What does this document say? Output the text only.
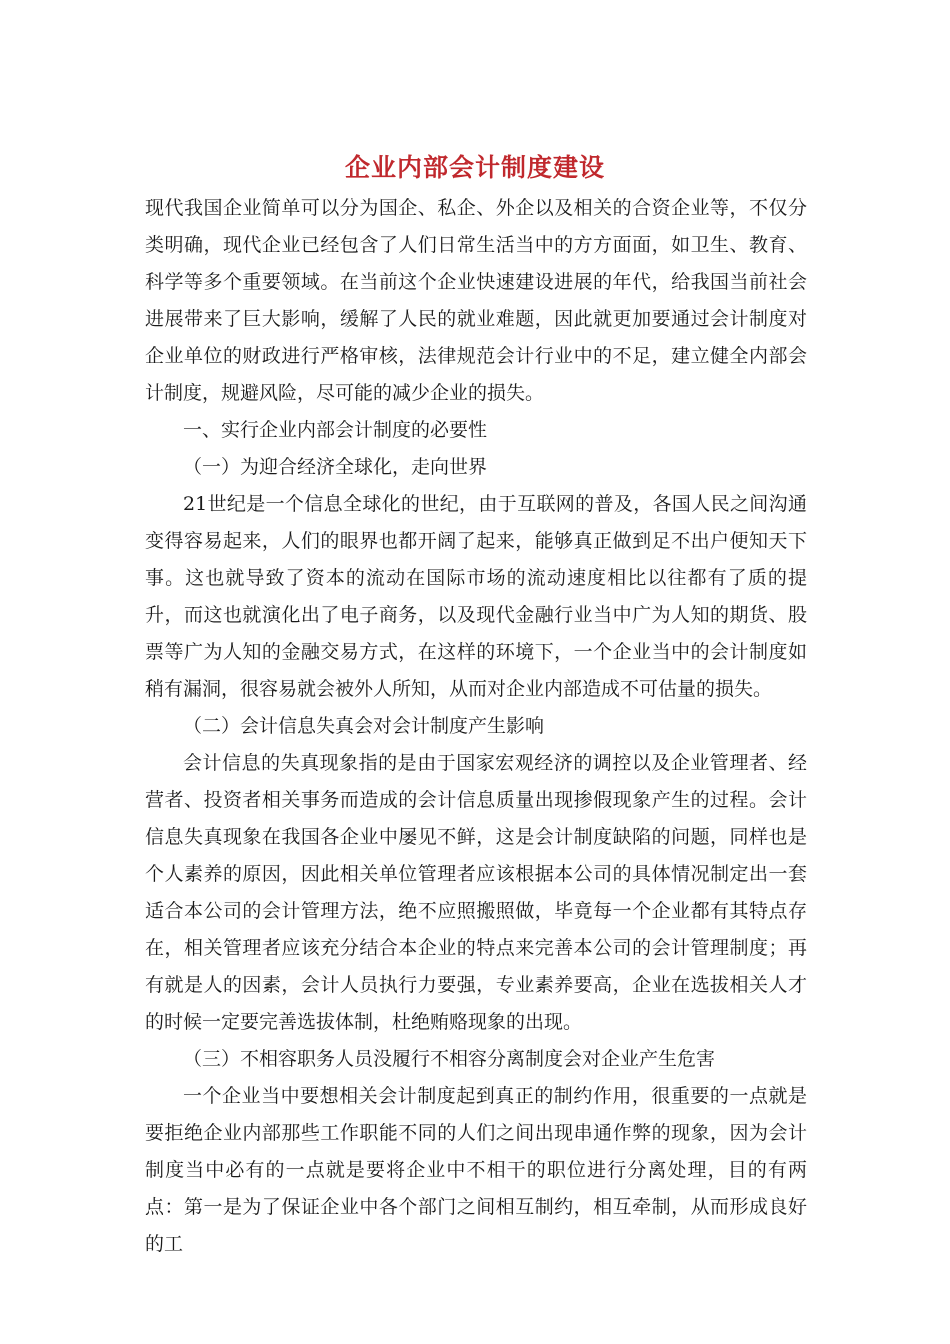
企业内部会计制度建设

现代我国企业简单可以分为国企、私企、外企以及相关的合资企业等，不仅分类明确，现代企业已经包含了人们日常生活当中的方方面面，如卫生、教育、科学等多个重要领域。在当前这个企业快速建设进展的年代，给我国当前社会进展带来了巨大影响，缓解了人民的就业难题，因此就更加要通过会计制度对企业单位的财政进行严格审核，法律规范会计行业中的不足，建立健全内部会计制度，规避风险，尽可能的减少企业的损失。

一、实行企业内部会计制度的必要性

（一）为迎合经济全球化，走向世界

21世纪是一个信息全球化的世纪，由于互联网的普及，各国人民之间沟通变得容易起来，人们的眼界也都开阔了起来，能够真正做到足不出户便知天下事。这也就导致了资本的流动在国际市场的流动速度相比以往都有了质的提升，而这也就演化出了电子商务，以及现代金融行业当中广为人知的期货、股票等广为人知的金融交易方式，在这样的环境下，一个企业当中的会计制度如稍有漏洞，很容易就会被外人所知，从而对企业内部造成不可估量的损失。

（二）会计信息失真会对会计制度产生影响

会计信息的失真现象指的是由于国家宏观经济的调控以及企业管理者、经营者、投资者相关事务而造成的会计信息质量出现掺假现象产生的过程。会计信息失真现象在我国各企业中屡见不鲜，这是会计制度缺陷的问题，同样也是个人素养的原因，因此相关单位管理者应该根据本公司的具体情况制定出一套适合本公司的会计管理方法，绝不应照搬照做，毕竟每一个企业都有其特点存在，相关管理者应该充分结合本企业的特点来完善本公司的会计管理制度；再有就是人的因素，会计人员执行力要强，专业素养要高，企业在选拔相关人才的时候一定要完善选拔体制，杜绝贿赂现象的出现。

（三）不相容职务人员没履行不相容分离制度会对企业产生危害

一个企业当中要想相关会计制度起到真正的制约作用，很重要的一点就是要拒绝企业内部那些工作职能不同的人们之间出现串通作弊的现象，因为会计制度当中必有的一点就是要将企业中不相干的职位进行分离处理，目的有两点：第一是为了保证企业中各个部门之间相互制约，相互牵制，从而形成良好的工
